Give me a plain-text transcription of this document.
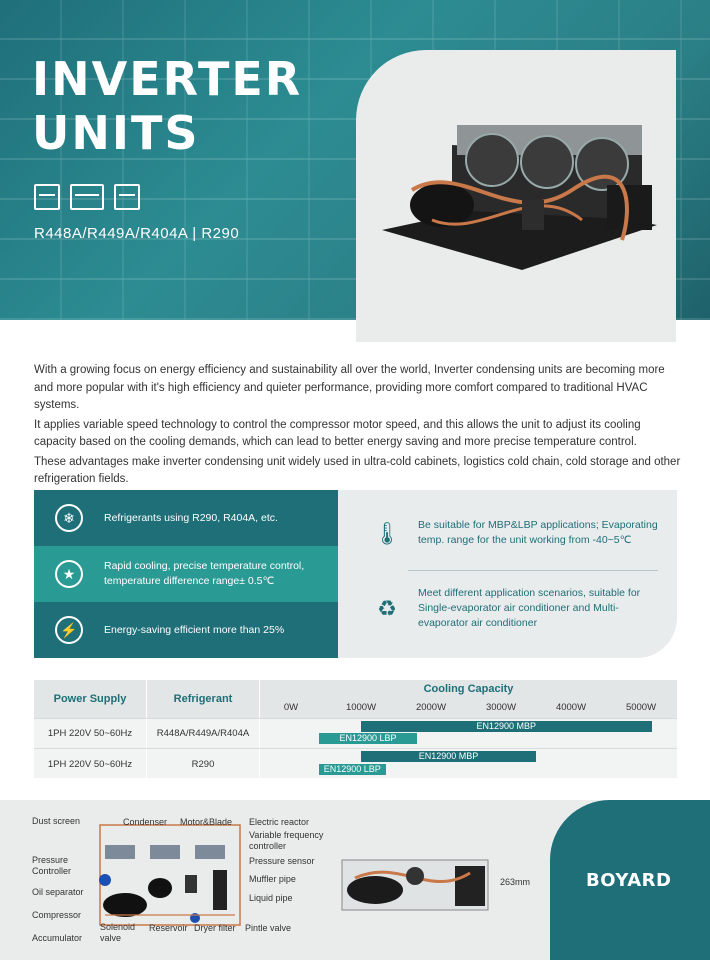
INVERTER
UNITS
R448A/R449A/R404A | R290

With a growing focus on energy efficiency and sustainability all over the world, Inverter condensing units are becoming more and more popular with it's high efficiency and quieter performance, providing more comfort compared to traditional HVAC systems.

It applies variable speed technology to control the compressor motor speed, and this allows the unit to adjust its cooling capacity based on the cooling demands, which can lead to better energy saving and more precise temperature control.

These advantages make inverter condensing unit widely used in ultra-cold cabinets, logistics cold chain, cold storage and other refrigeration fields.

❄	Refrigerants using R290, R404A, etc.
★	Rapid cooling, precise temperature control, temperature difference range± 0.5℃
⚡	Energy-saving efficient more than 25%
🌡	Be suitable for MBP&LBP applications; Evaporating temp. range for the unit working from -40~5℃
♻
Meet different application scenarios, suitable for Single-evaporator air conditioner and Multi-evaporator air conditioner
Power Supply	Refrigerant
Cooling Capacity
0W	1000W	2000W	3000W	4000W	5000W
1PH 220V 50~60Hz	R448A/R449A/R404A
1PH 220V 50~60Hz	R290
EN12900 MBP
EN12900 MBP
EN12900 LBP
EN12900 LBP
263mm
Dust screen	Condenser Motor&Blade Electric reactor
Variable frequency controller
Pressure Controller
Pressure sensor
Oil separator
Muffler pipe
Liquid pipe
Compressor
Accumulator
Solenoid valve
Reservoir Dryer filter Pintle valve
BOYARD
